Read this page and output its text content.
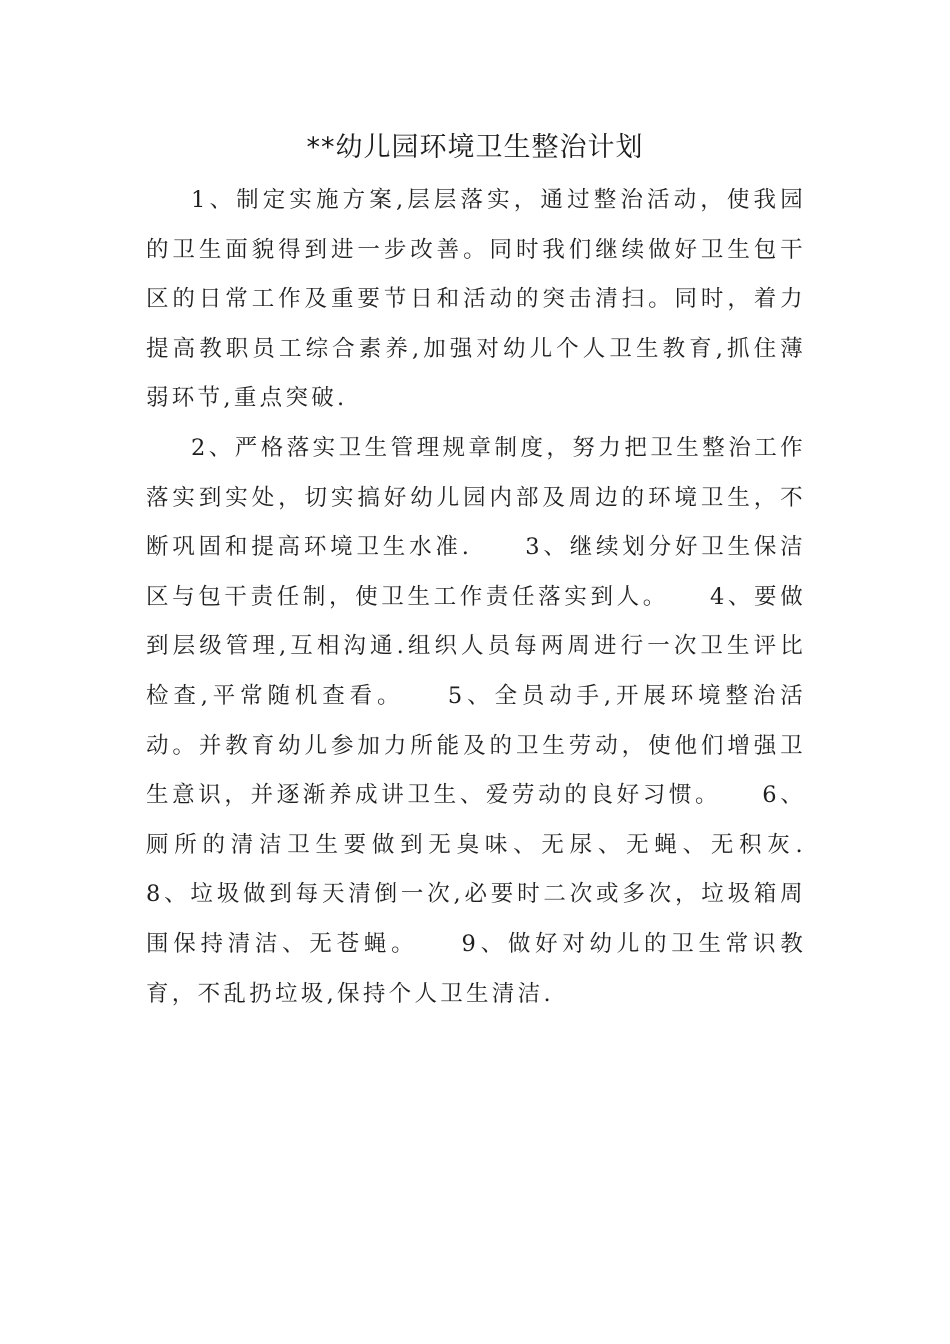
**幼儿园环境卫生整治计划

1、制定实施方案,层层落实，通过整治活动，使我园的卫生面貌得到进一步改善。同时我们继续做好卫生包干区的日常工作及重要节日和活动的突击清扫。同时，着力提高教职员工综合素养,加强对幼儿个人卫生教育,抓住薄弱环节,重点突破.

2、严格落实卫生管理规章制度，努力把卫生整治工作落实到实处，切实搞好幼儿园内部及周边的环境卫生，不断巩固和提高环境卫生水准.　　3、继续划分好卫生保洁区与包干责任制，使卫生工作责任落实到人。　　4、要做到层级管理,互相沟通.组织人员每两周进行一次卫生评比检查,平常随机查看。　　5、全员动手,开展环境整治活动。并教育幼儿参加力所能及的卫生劳动，使他们增强卫生意识，并逐渐养成讲卫生、爱劳动的良好习惯。　　6、厕所的清洁卫生要做到无臭味、无尿、无蝇、无积灰.　　8、垃圾做到每天清倒一次,必要时二次或多次，垃圾箱周围保持清洁、无苍蝇。　　9、做好对幼儿的卫生常识教育，不乱扔垃圾,保持个人卫生清洁.
